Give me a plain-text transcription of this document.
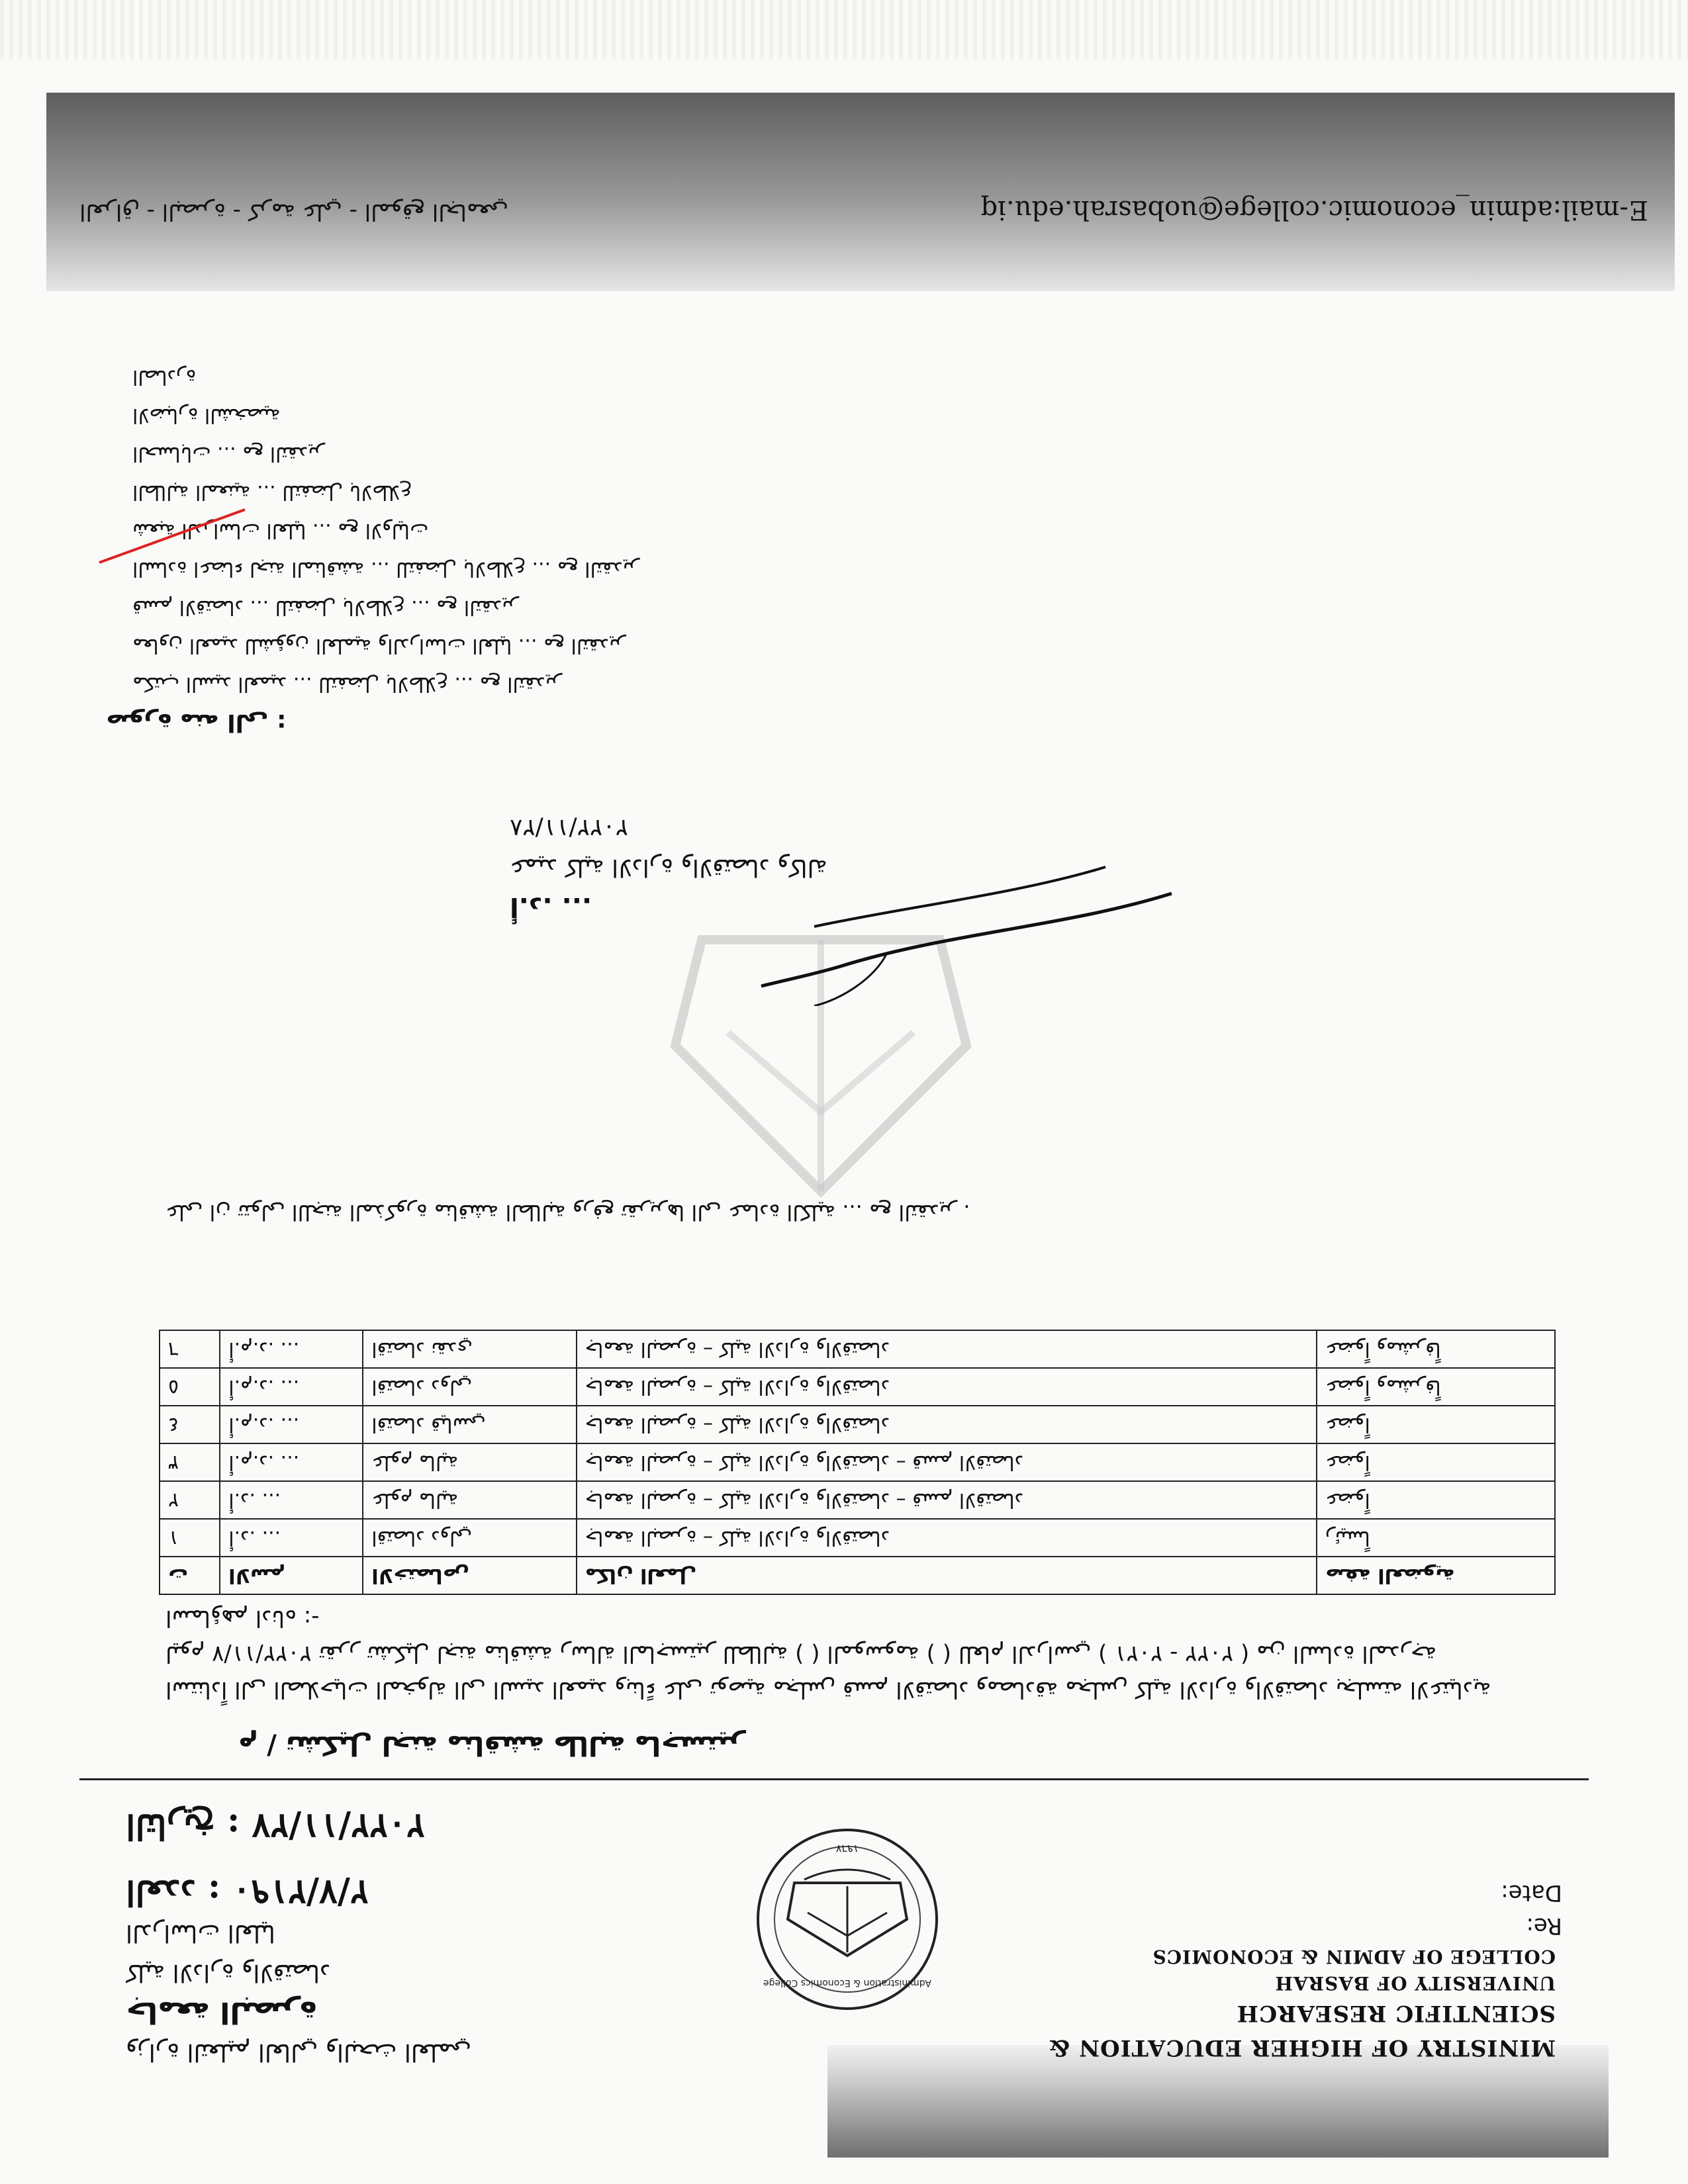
MINISTRY OF HIGHER EDUCATION &
SCIENTIFIC RESEARCH
UNIVERSITY OF BASRAH
COLLEGE OF ADMIN & ECONOMICS
Administration & Economics College
١٩٦٧
Re:
Date:
وزارة التعليم العالي والبحث العلمي
جامعة البصرة
كلية الادارة والاقتصاد
الدراسات العليا
العدد : ٢/٧/٢١٩٠
التاريخ : ٢٠٢٢/١١/٢٧
م / تشكيل لجنة مناقشة طالبة ماجستير
استناداً الى الصلاحيات المخولة الى السيد العميد وبناءً على توصية مجلس قسم الاقتصاد ومصادقة مجلس كلية الادارة والاقتصاد بجلسته الاعتيادية ليوم ٢٠٢٢/١١/٧ تقرر تشكيل لجنة مناقشة رسالة الماجستير للطالبة ( ) الموسومة ( ) للعام الدراسي ( ٢٠٢١ - ٢٠٢٢ ) من السادة المدرجة اسماؤهم ادناه :-
ت	الاسم	الاختصاص	مكان العمل	صفة العضوية
١	أ.د. ...	اقتصاد دولي	جامعة البصرة – كلية الادارة والاقتصاد	رئيساً
٢	أ.د. ...	علوم مالية	جامعة البصرة – كلية الادارة والاقتصاد – قسم الاقتصاد	عضواً
٣	أ.م.د. ...	علوم مالية	جامعة البصرة – كلية الادارة والاقتصاد – قسم الاقتصاد	عضواً
٤	أ.م.د. ...	اقتصاد قياسي	جامعة البصرة – كلية الادارة والاقتصاد	عضواً
٥	أ.م.د. ...	اقتصاد دولي	جامعة البصرة – كلية الادارة والاقتصاد	عضواً ومشرفاً
٦	أ.م.د. ...	اقتصاد نقدي	جامعة البصرة – كلية الادارة والاقتصاد	عضواً ومشرفاً
على ان تتولى اللجنة المذكورة مناقشة الطالبة ورفع تقريرها الى عمادة الكلية ... مع التقدير .
أ.د. ...
عميد كلية الادارة والاقتصاد وكالة
٢٠٢٢/١١/٢٨
صورة منه الى :
مكتب السيد العميد ... للتفضل بالاطلاع ... مع التقدير
معاون العميد للشؤون العلمية والدراسات العليا ... مع التقدير
قسم الاقتصاد ... للتفضل بالاطلاع ... مع التقدير
السادة اعضاء لجنة المناقشة ... للتفضل بالاطلاع ... مع التقدير
شعبة الدراسات العليا ... مع الاوليات
الطالبة المعنية ... للتفضل بالاطلاع
الحسابات ... مع التقدير
الاضبارة الشخصية
الصادرة
E-mail:admin_economic.college@uobasrah.edu.iq
العراق - البصرة - كرمة علي - الموقع الجامعي
